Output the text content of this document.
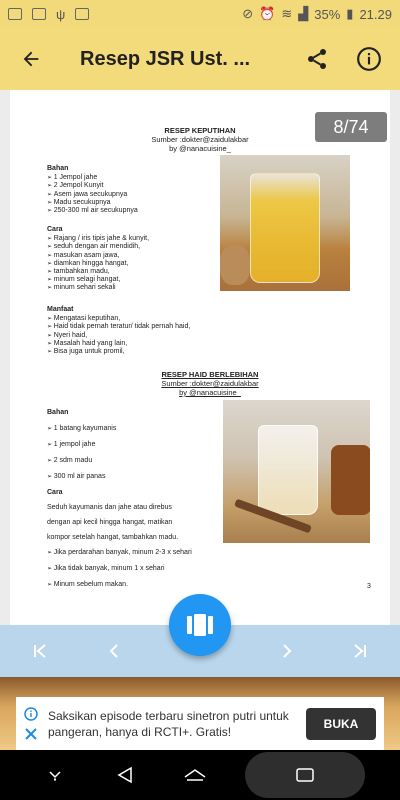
ψ	⊘ ⏰ ≋ ▟ 35% ▮ 21.29
Resep JSR Ust. ...
RESEP KEPUTIHAN
Sumber :dokter@zaidulakbar
by @nanacuisine_
Bahan
➢ 1 Jempol jahe
➢ 2 Jempol Kunyit
➢ Asem jawa secukupnya
➢ Madu secukupnya
➢ 250-300 ml air secukupnya
Cara
➢ Rajang / iris tipis jahe & kunyit,
➢ seduh dengan air mendidih,
➢ masukan asam jawa,
➢ diamkan hingga hangat,
➢ tambahkan madu,
➢ minum selagi hangat,
➢ minum sehari sekali
Manfaat
➢ Mengatasi keputihan,
➢ Haid tidak pernah teratur/ tidak pernah haid,
➢ Nyeri haid,
➢ Masalah haid yang lain,
➢ Bisa juga untuk promil,
RESEP HAID BERLEBIHAN
Sumber :dokter@zaidulakbar
by @nanacuisine_
Bahan
➢ 1 batang kayumanis
➢ 1 jempol jahe
➢ 2 sdm madu
➢ 300 ml air panas
Cara
Seduh kayumanis dan jahe atau direbus
dengan api kecil hingga hangat, matikan
kompor setelah hangat, tambahkan madu.
➢ Jika perdarahan banyak, minum 2-3 x sehari
➢ Jika tidak banyak, minum 1 x sehari
➢ Minum sebelum makan.	3
8/74
Saksikan episode terbaru sinetron putri untuk pangeran, hanya di RCTI+. Gratis!
BUKA
